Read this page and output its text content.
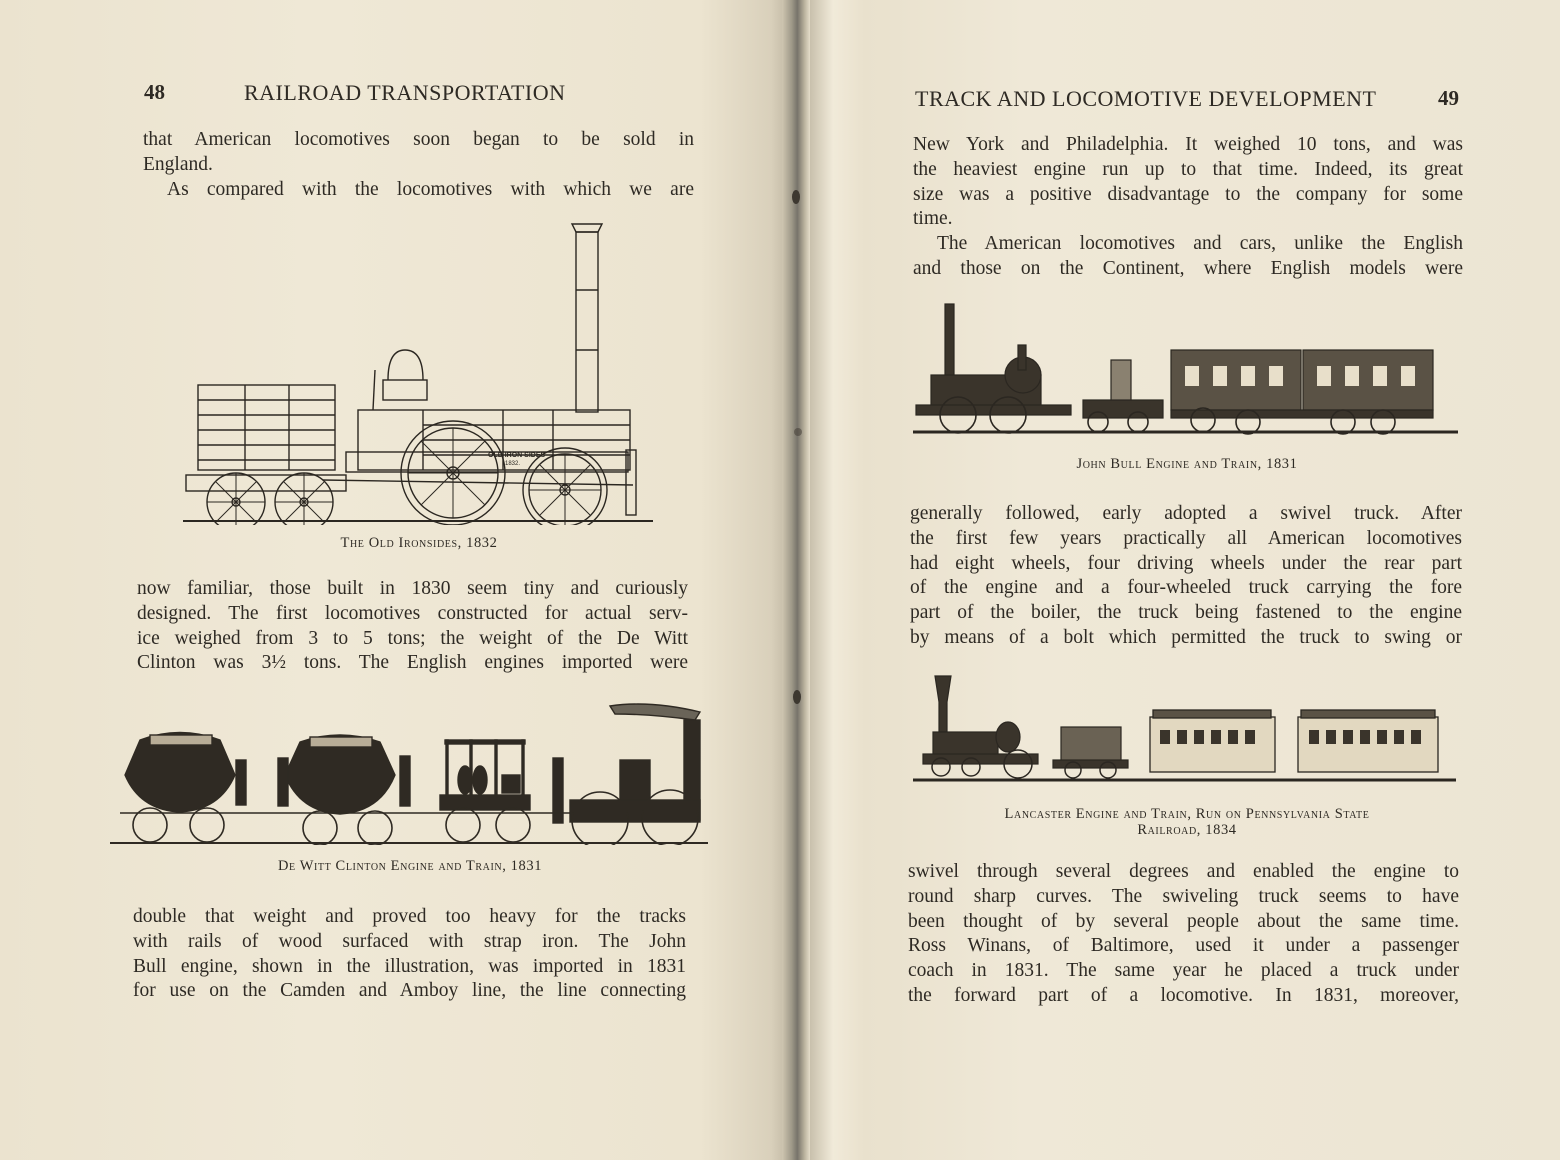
48	RAILROAD TRANSPORTATION
that American locomotives soon began to be sold in
England.
As compared with the locomotives with which we are
OLD IRON SIDES
1832.
The Old Ironsides, 1832
now familiar, those built in 1830 seem tiny and curiously
designed. The first locomotives constructed for actual serv-
ice weighed from 3 to 5 tons; the weight of the De Witt
Clinton was 3½ tons. The English engines imported were
De Witt Clinton Engine and Train, 1831
double that weight and proved too heavy for the tracks
with rails of wood surfaced with strap iron. The John
Bull engine, shown in the illustration, was imported in 1831
for use on the Camden and Amboy line, the line connecting
TRACK AND LOCOMOTIVE DEVELOPMENT	49
New York and Philadelphia. It weighed 10 tons, and was
the heaviest engine run up to that time. Indeed, its great
size was a positive disadvantage to the company for some
time.
The American locomotives and cars, unlike the English
and those on the Continent, where English models were
John Bull Engine and Train, 1831
generally followed, early adopted a swivel truck. After
the first few years practically all American locomotives
had eight wheels, four driving wheels under the rear part
of the engine and a four-wheeled truck carrying the fore
part of the boiler, the truck being fastened to the engine
by means of a bolt which permitted the truck to swing or
Lancaster Engine and Train, Run on Pennsylvania State
Railroad, 1834
swivel through several degrees and enabled the engine to
round sharp curves. The swiveling truck seems to have
been thought of by several people about the same time.
Ross Winans, of Baltimore, used it under a passenger
coach in 1831. The same year he placed a truck under
the forward part of a locomotive. In 1831, moreover,
